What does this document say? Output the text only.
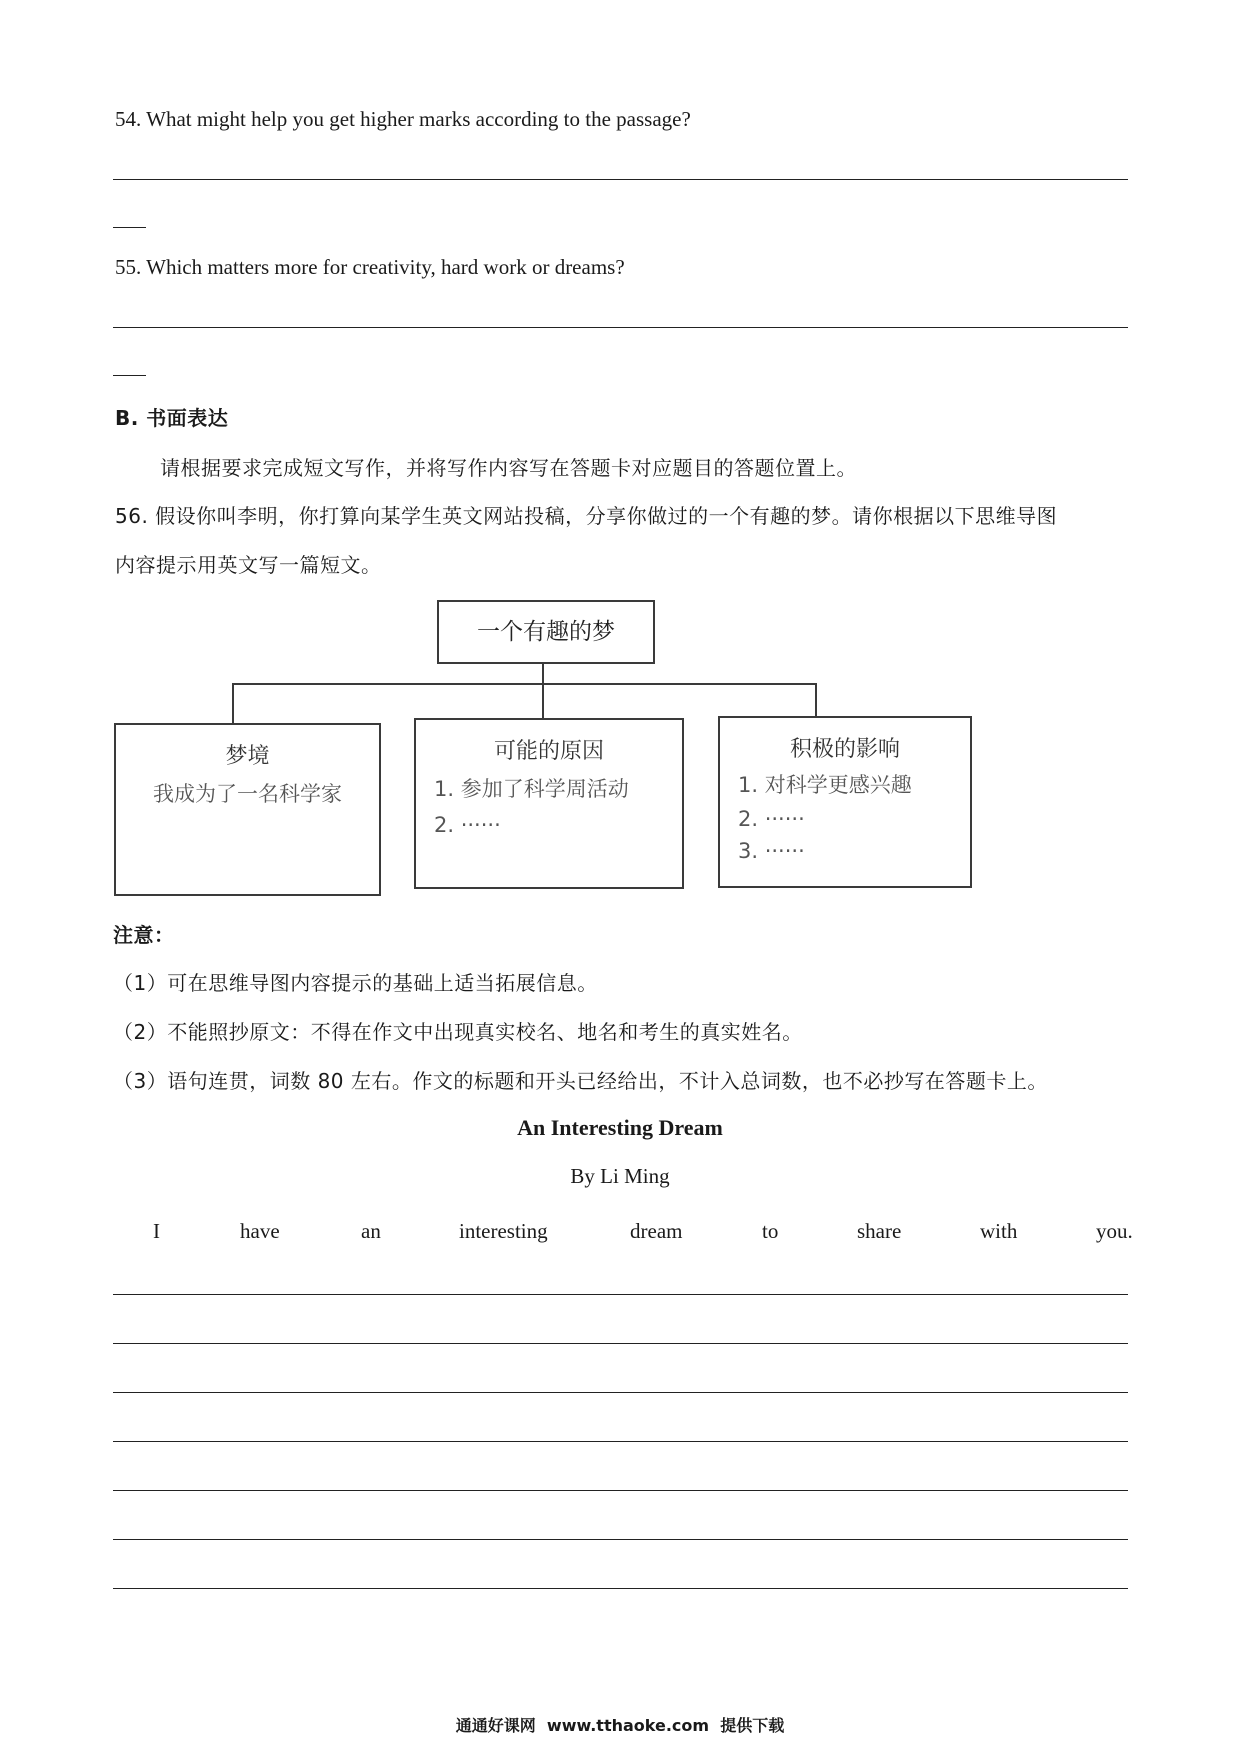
54. What might help you get higher marks according to the passage?
55. Which matters more for creativity, hard work or dreams?
B. 书面表达
请根据要求完成短文写作，并将写作内容写在答题卡对应题目的答题位置上。
56. 假设你叫李明，你打算向某学生英文网站投稿，分享你做过的一个有趣的梦。请你根据以下思维导图
内容提示用英文写一篇短文。
一个有趣的梦
梦境
我成为了一名科学家
可能的原因
1. 参加了科学周活动
2. ······
积极的影响
1. 对科学更感兴趣
2. ······
3. ······
注意：
（1）可在思维导图内容提示的基础上适当拓展信息。
（2）不能照抄原文：不得在作文中出现真实校名、地名和考生的真实姓名。
（3）语句连贯，词数 80 左右。作文的标题和开头已经给出，不计入总词数，也不必抄写在答题卡上。
An Interesting Dream
By Li Ming
I	have	an	interesting	dream	to	share	with	you.
通通好课网  www.tthaoke.com  提供下载
